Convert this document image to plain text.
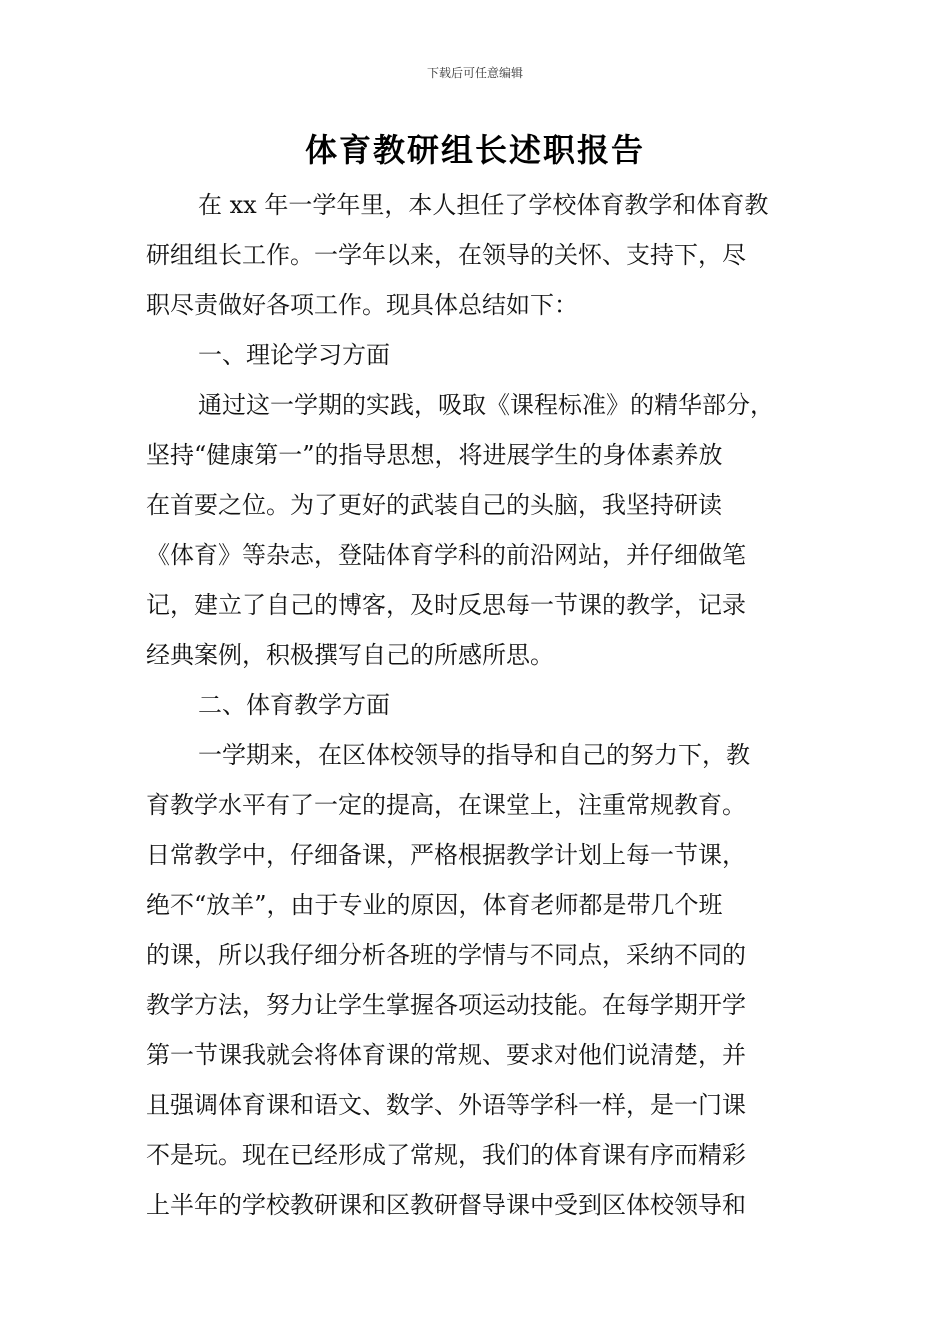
下载后可任意编辑
体育教研组长述职报告
在 xx 年一学年里，本人担任了学校体育教学和体育教
研组组长工作。一学年以来，在领导的关怀、支持下，尽
职尽责做好各项工作。现具体总结如下：
一、理论学习方面
通过这一学期的实践，吸取《课程标准》的精华部分，
坚持“健康第一”的指导思想，将进展学生的身体素养放
在首要之位。为了更好的武装自己的头脑，我坚持研读
《体育》等杂志，登陆体育学科的前沿网站，并仔细做笔
记，建立了自己的博客，及时反思每一节课的教学，记录
经典案例，积极撰写自己的所感所思。
二、体育教学方面
一学期来，在区体校领导的指导和自己的努力下，教
育教学水平有了一定的提高，在课堂上，注重常规教育。
日常教学中，仔细备课，严格根据教学计划上每一节课，
绝不“放羊”，由于专业的原因，体育老师都是带几个班
的课，所以我仔细分析各班的学情与不同点，采纳不同的
教学方法，努力让学生掌握各项运动技能。在每学期开学
第一节课我就会将体育课的常规、要求对他们说清楚，并
且强调体育课和语文、数学、外语等学科一样，是一门课
不是玩。现在已经形成了常规，我们的体育课有序而精彩
上半年的学校教研课和区教研督导课中受到区体校领导和
